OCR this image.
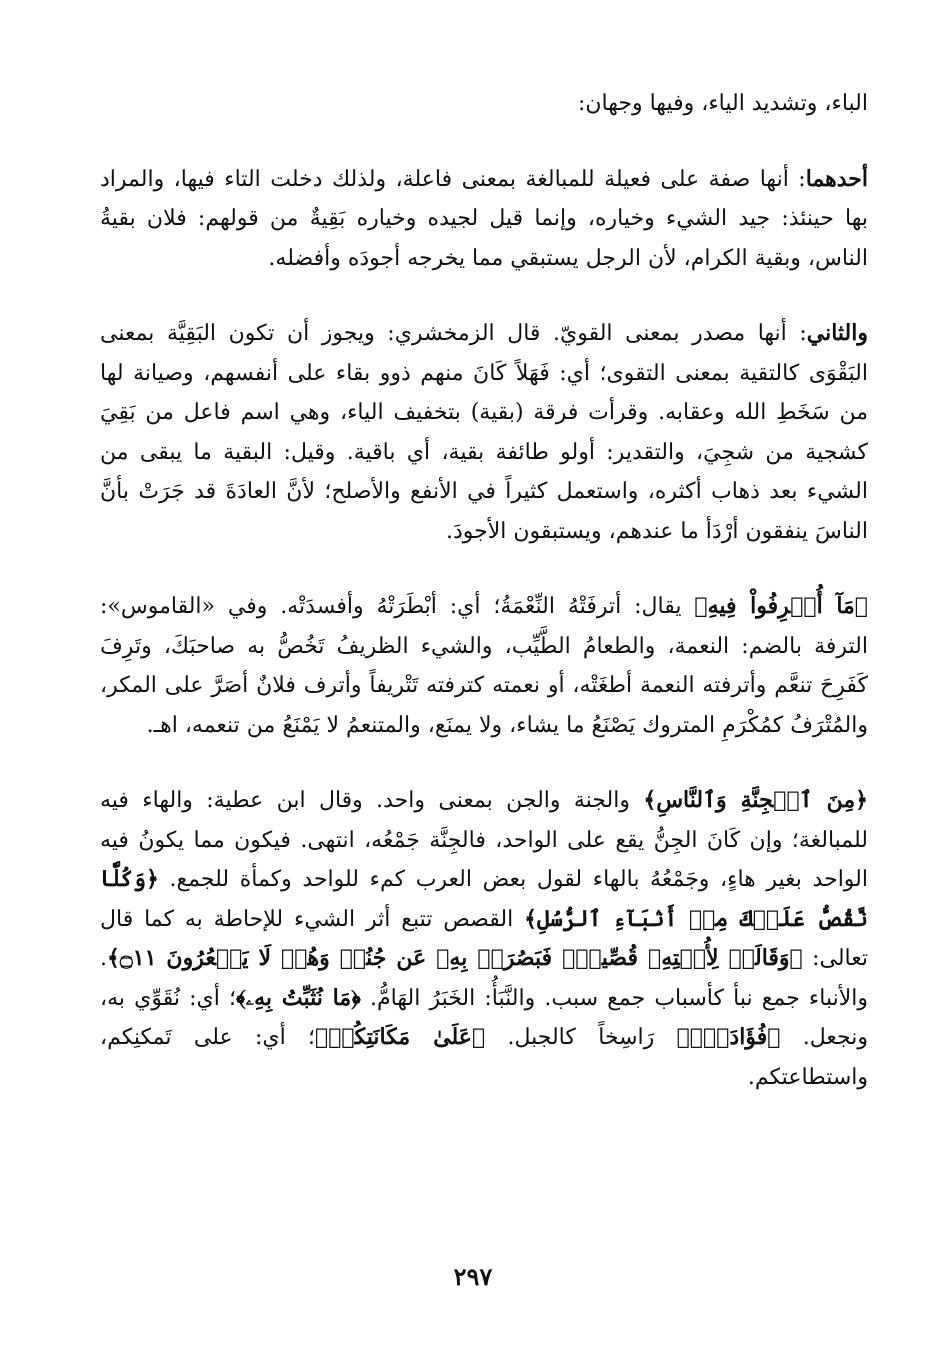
الباء، وتشديد الياء، وفيها وجهان:

أحدهما: أنها صفة على فعيلة للمبالغة بمعنى فاعلة، ولذلك دخلت التاء فيها، والمراد بها حينئذ: جيد الشيء وخياره، وإنما قيل لجيده وخياره بَقِيةٌ من قولهم: فلان بقيةُ الناس، وبقية الكرام، لأن الرجل يستبقي مما يخرجه أجودَه وأفضله.

والثاني: أنها مصدر بمعنى القويّ. قال الزمخشري: ويجوز أن تكون البَقِيَّة بمعنى البَقْوَى كالتقية بمعنى التقوى؛ أي: فَهَلاً كَانَ منهم ذوو بقاء على أنفسهم، وصيانة لها من سَخَطِ الله وعقابه. وقرأت فرقة (بقية) بتخفيف الياء، وهي اسم فاعل من بَقِيَ كشجية من شجِيَ، والتقدير: أولو طائفة بقية، أي باقية. وقيل: البقية ما يبقى من الشيء بعد ذهاب أكثره، واستعمل كثيراً في الأنفع والأصلح؛ لأنَّ العادَةَ قد جَرَتْ بأنَّ الناسَ ينفقون أرْدَأ ما عندهم، ويستبقون الأجودَ.

﴿مَآ أُتۡرِفُواْ فِيهِ﴾ يقال: أترفَتْهُ النِّعْمَةُ؛ أي: أبْطَرَتْهُ وأفسدَتْه. وفي «القاموس»: الترفة بالضم: النعمة، والطعامُ الطَّيِّب، والشيء الظريفُ تَخُصُّ به صاحبَكَ، وتَرِفَ كَفَرِحَ تنعَّم وأترفته النعمة أطغَتْه، أو نعمته كترفته تَتْريفاً وأترف فلانٌ أصَرَّ على المكر، والمُتْرَفُ كمُكْرَمِ المتروك يَصْنَعُ ما يشاء، ولا يمنَع، والمتنعمُ لا يَمْنَعُ من تنعمه، اهـ.

﴿مِنَ ٱلۡجِنَّةِ وَٱلنَّاسِ﴾ والجنة والجن بمعنى واحد. وقال ابن عطية: والهاء فيه للمبالغة؛ وإن كَانَ الجِنُّ يقع على الواحد، فالجِنَّة جَمْعُه، انتهى. فيكون مما يكونُ فيه الواحد بغير هاءٍ، وجَمْعُهُ بالهاء لقول بعض العرب كمء للواحد وكمأة للجمع. ﴿وَكُلّٗا نَّقُصُّ عَلَيۡكَ مِنۡ أَنۢبَآءِ ٱلرُّسُلِ﴾ القصص تتبع أثر الشيء للإحاطة به كما قال تعالى: ﴿وَقَالَتۡ لِأُخۡتِهِۦ قُصِّيهِۖ فَبَصُرَتۡ بِهِۦ عَن جُنُبٖ وَهُمۡ لَا يَشۡعُرُونَ ۝١١﴾. والأنباء جمع نبأ كأسباب جمع سبب. والنَّبَأُ: الخَبَرُ الهَامُّ. ﴿مَا نُثَبِّتُ بِهِۦ﴾؛ أي: نُقَوِّي به، ونجعل. ﴿فُؤَادَكَۚ﴾ رَاسِخاً كالجبل. ﴿عَلَىٰ مَكَانَتِكُمۡ﴾؛ أي: على تَمكنِكم، واستطاعتكم.

٢٩٧
